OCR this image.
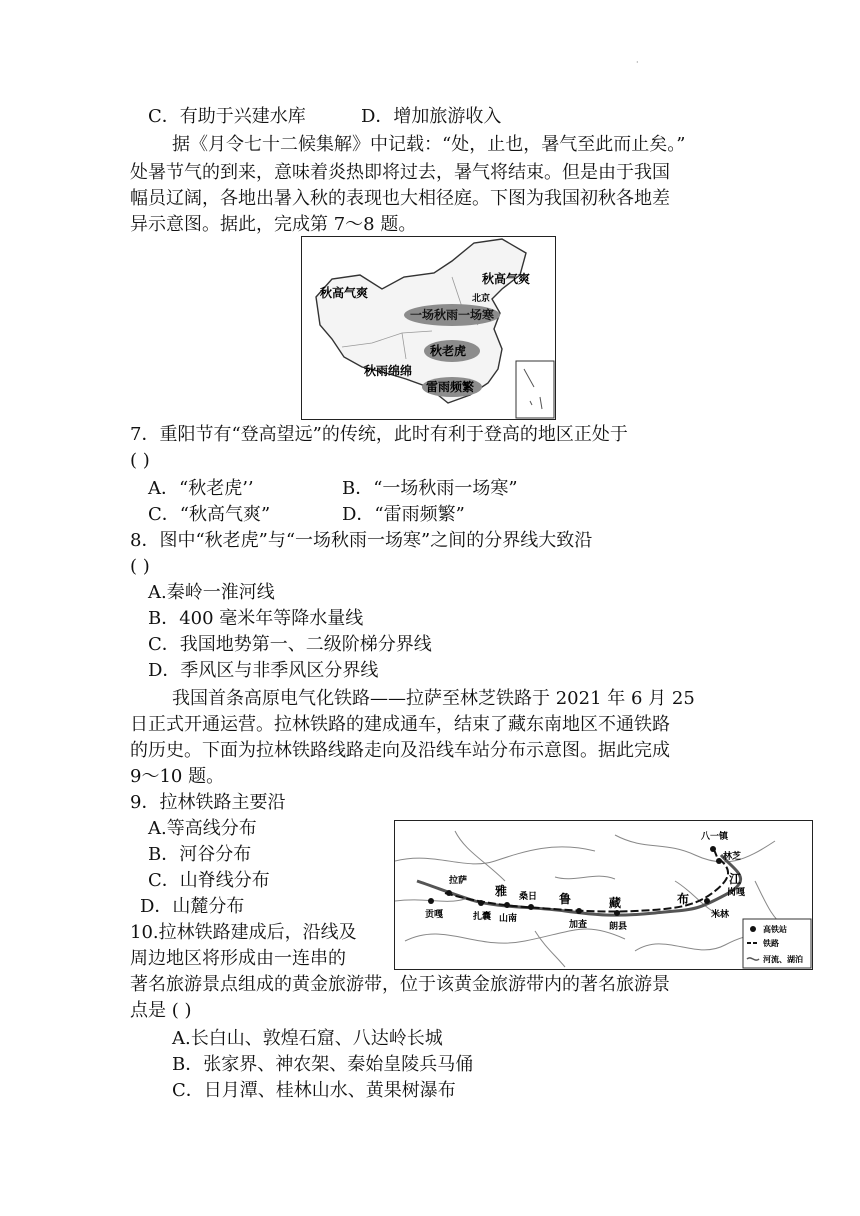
·
C．有助于兴建水库	D．增加旅游收入
据《月令七十二候集解》中记载：“处，止也，暑气至此而止矣。”
处暑节气的到来，意味着炎热即将过去，暑气将结束。但是由于我国
幅员辽阔，各地出暑入秋的表现也大相径庭。下图为我国初秋各地差
异示意图。据此，完成第 7～8 题。
秋高气爽
秋高气爽
北京
一场秋雨一场寒
秋老虎
秋雨绵绵
雷雨频繁
7．重阳节有“登高望远”的传统，此时有利于登高的地区正处于
( )
A．“秋老虎’’	B．“一场秋雨一场寒”
C．“秋高气爽”	D．“雷雨频繁”
8．图中“秋老虎”与“一场秋雨一场寒”之间的分界线大致沿
( )
A.秦岭一淮河线
B．400 毫米年等降水量线
C．我国地势第一、二级阶梯分界线
D．季风区与非季风区分界线
我国首条高原电气化铁路——拉萨至林芝铁路于 2021 年 6 月 25
日正式开通运营。拉林铁路的建成通车，结束了藏东南地区不通铁路
的历史。下面为拉林铁路线路走向及沿线车站分布示意图。据此完成
9～10 题。
9．拉林铁路主要沿
A.等高线分布
B．河谷分布
C．山脊线分布
D．山麓分布
拉萨
贡嘎	扎囊 山南
桑日
加查 朗县
米林
林芝
八一镇
雅
鲁	藏	布
江
岗嘎
高铁站
铁路
河流、湖泊
10.拉林铁路建成后，沿线及
周边地区将形成由一连串的
著名旅游景点组成的黄金旅游带，位于该黄金旅游带内的著名旅游景
点是 ( )
A.长白山、敦煌石窟、八达岭长城
B．张家界、神农架、秦始皇陵兵马俑
C．日月潭、桂林山水、黄果树瀑布
